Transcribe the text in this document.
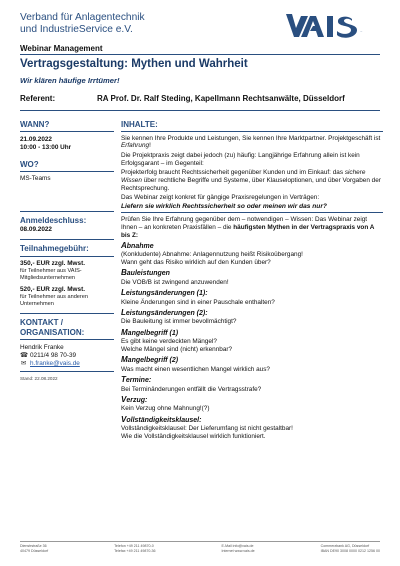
Verband für Anlagentechnik
und IndustrieService e.V.	VAIS
Webinar Management
Vertragsgestaltung: Mythen und Wahrheit
Wir klären häufige Irrtümer!
Referent:	RA Prof. Dr. Ralf Steding, Kapellmann Rechtsanwälte, Düsseldorf
WANN?
21.09.2022
10:00 - 13:00 Uhr
WO?
MS-Teams
Anmeldeschluss:
08.09.2022
Teilnahmegebühr:
350,- EUR zzgl. Mwst.
für Teilnehmer aus VAIS-Mitgliedsunternehmen
520,- EUR zzgl. Mwst.
für Teilnehmer aus anderen Unternehmen
KONTAKT /
ORGANISATION:
Hendrik Franke
☎ 0211/4 98 70-39
✉ h.franke@vais.de
Stand: 22.08.2022
INHALTE:
Sie kennen Ihre Produkte und Leistungen, Sie kennen Ihre Marktpartner. Projektgeschäft ist Erfahrung!
Die Projektpraxis zeigt dabei jedoch (zu) häufig: Langjährige Erfahrung allein ist kein Erfolgsgarant – im Gegenteil:
Projekterfolg braucht Rechtssicherheit gegenüber Kunden und im Einkauf: das sichere Wissen über rechtliche Begriffe und Systeme, über Klauseloptionen, und über Vorgaben der Rechtsprechung.
Das Webinar zeigt konkret für gängige Praxisregelungen in Verträgen:
Liefern sie wirklich Rechtssicherheit so oder meinen wir das nur?
Prüfen Sie Ihre Erfahrung gegenüber dem – notwendigen – Wissen: Das Webinar zeigt Ihnen – an konkreten Praxisfällen – die häufigsten Mythen in der Vertragspraxis von A bis Z:
Abnahme
(Konkludente) Abnahme: Anlagennutzung heißt Risikoübergang!
Wann geht das Risiko wirklich auf den Kunden über?
Bauleistungen
Die VOB/B ist zwingend anzuwenden!
Leistungsänderungen (1):
Kleine Änderungen sind in einer Pauschale enthalten?
Leistungsänderungen (2):
Die Bauleitung ist immer bevollmächtigt?
Mangelbegriff (1)
Es gibt keine verdeckten Mängel?
Welche Mängel sind (nicht) erkennbar?
Mangelbegriff (2)
Was macht einen wesentlichen Mangel wirklich aus?
Termine:
Bei Terminänderungen entfällt die Vertragsstrafe?
Verzug:
Kein Verzug ohne Mahnung!(?)
Vollständigkeitsklausel:
Vollständigkeitsklausel: Der Lieferumfang ist nicht gestaltbar!
Wie die Vollständigkeitsklausel wirklich funktioniert.
Dienstrstraße 36
40479 Düsseldorf
Telefon +49 211 49870-0
Telefax +49 211 49870-36
E-Mail info@vais.de
Internet www.vais.de
Commerzbank AG, Düsseldorf
IBAN DE90 3008 0000 0212 1256 00
